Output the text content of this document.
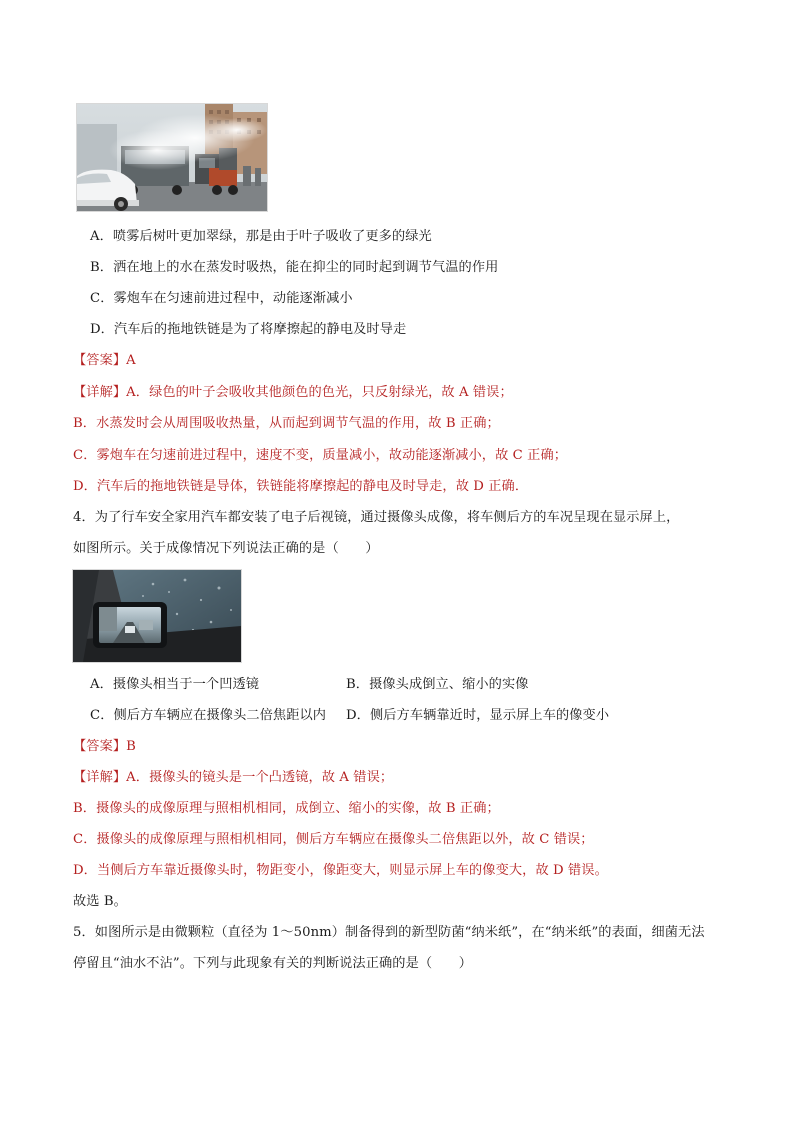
A．喷雾后树叶更加翠绿，那是由于叶子吸收了更多的绿光
B．洒在地上的水在蒸发时吸热，能在抑尘的同时起到调节气温的作用
C．雾炮车在匀速前进过程中，动能逐渐减小
D．汽车后的拖地铁链是为了将摩擦起的静电及时导走
【答案】A
【详解】A．绿色的叶子会吸收其他颜色的色光，只反射绿光，故 A 错误；
B．水蒸发时会从周围吸收热量，从而起到调节气温的作用，故 B 正确；
C．雾炮车在匀速前进过程中，速度不变，质量减小，故动能逐渐减小，故 C 正确；
D．汽车后的拖地铁链是导体，铁链能将摩擦起的静电及时导走，故 D 正确．
4．为了行车安全家用汽车都安装了电子后视镜，通过摄像头成像，将车侧后方的车况呈现在显示屏上，
如图所示。关于成像情况下列说法正确的是（　　）
A．摄像头相当于一个凹透镜	B．摄像头成倒立、缩小的实像
C．侧后方车辆应在摄像头二倍焦距以内 D．侧后方车辆靠近时，显示屏上车的像变小
【答案】B
【详解】A．摄像头的镜头是一个凸透镜，故 A 错误；
B．摄像头的成像原理与照相机相同，成倒立、缩小的实像，故 B 正确；
C．摄像头的成像原理与照相机相同，侧后方车辆应在摄像头二倍焦距以外，故 C 错误；
D．当侧后方车靠近摄像头时，物距变小，像距变大，则显示屏上车的像变大，故 D 错误。
故选 B。
5．如图所示是由微颗粒（直径为 1～50nm）制备得到的新型防菌“纳米纸”，在“纳米纸”的表面，细菌无法
停留且“油水不沾”。下列与此现象有关的判断说法正确的是（　　）
